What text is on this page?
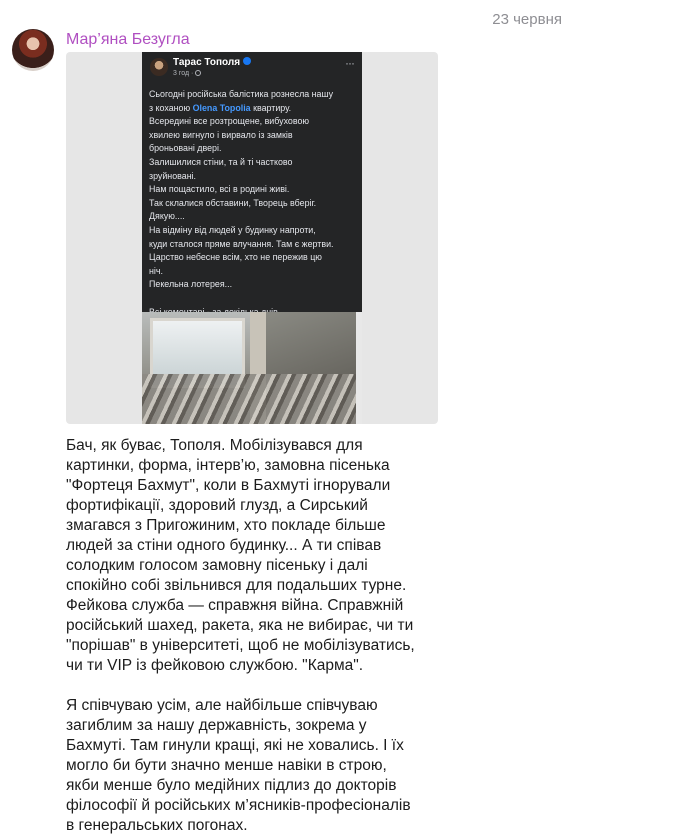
23 червня
Мар’яна Безугла
Тарас Тополя
3 год ·
···
Сьогодні російська балістика рознесла нашу
з коханою Olena Topolia квартиру.
Всередині все розтрощене, вибуховою
хвилею вигнуло і вирвало із замків
броньовані двері.
Залишилися стіни, та й ті частково
зруйновані.
Нам пощастило, всі в родині живі.
Так склалися обставини, Творець вберіг.
Дякую....
На відміну від людей у будинку напроти,
куди сталося пряме влучання. Там є жертви.
Царство небесне всім, хто не пережив цю
ніч.
Пекельна лотерея...
Бач, як буває, Тополя. Мобілізувався для
картинки, форма, інтерв’ю, замовна пісенька
"Фортеця Бахмут", коли в Бахмуті ігнорували
фортифікації, здоровий глузд, а Сирський
змагався з Пригожиним, хто покладе більше
людей за стіни одного будинку... А ти співав
солодким голосом замовну пісеньку і далі
спокійно собі звільнився для подальших турне.
Фейкова служба — справжня війна. Справжній
російський шахед, ракета, яка не вибирає, чи ти
"порішав" в університеті, щоб не мобілізуватись,
чи ти VIP із фейковою службою. "Карма".
Я співчуваю усім, але найбільше співчуваю
загиблим за нашу державність, зокрема у
Бахмуті. Там гинули кращі, які не ховались. І їх
могло би бути значно менше навіки в строю,
якби менше було медійних підлиз до докторів
філософії й російських м’ясників-професіоналів
в генеральських погонах.
